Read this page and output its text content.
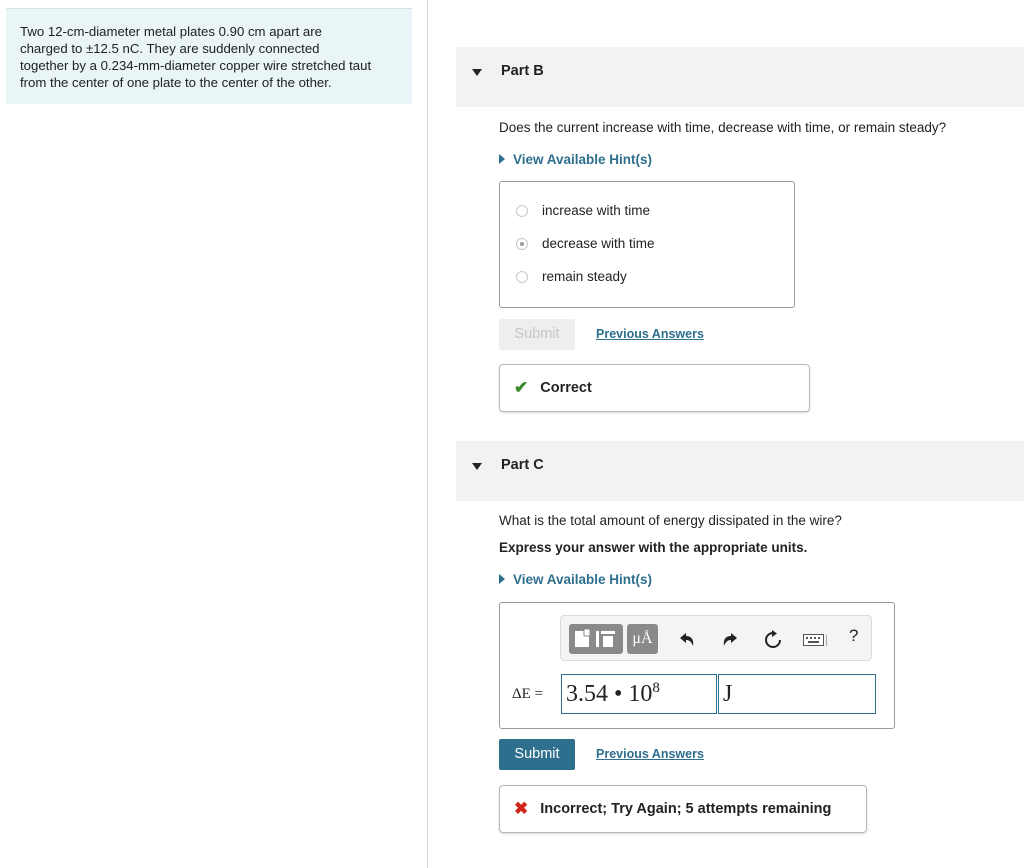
Two 12-cm-diameter metal plates 0.90 cm apart are
charged to ±12.5 nC. They are suddenly connected
together by a 0.234-mm-diameter copper wire stretched taut
from the center of one plate to the center of the other.
Part B
Does the current increase with time, decrease with time, or remain steady?
View Available Hint(s)
increase with time
decrease with time
remain steady
Submit	Previous Answers
✔ Correct
Part C
What is the total amount of energy dissipated in the wire?
Express your answer with the appropriate units.
View Available Hint(s)
μÅ	?
ΔE = 3.54 • $10^8$	J
Submit	Previous Answers
✖ Incorrect; Try Again; 5 attempts remaining
